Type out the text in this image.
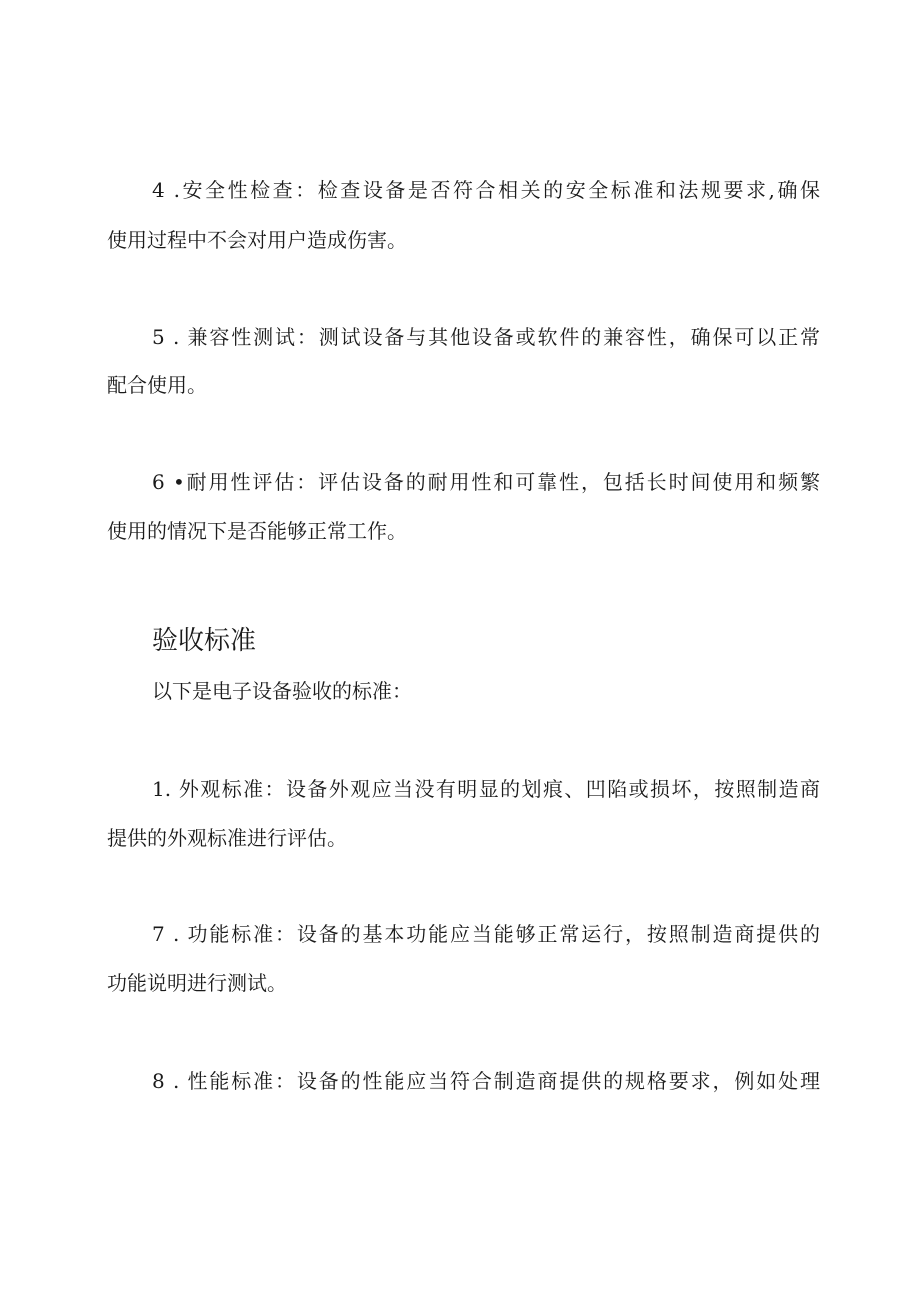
4 .安全性检查：检查设备是否符合相关的安全标准和法规要求,确保
使用过程中不会对用户造成伤害。
5 . 兼容性测试：测试设备与其他设备或软件的兼容性，确保可以正常
配合使用。
6 •耐用性评估：评估设备的耐用性和可靠性，包括长时间使用和频繁
使用的情况下是否能够正常工作。
验收标准
以下是电子设备验收的标准：
1. 外观标准：设备外观应当没有明显的划痕、凹陷或损坏，按照制造商
提供的外观标准进行评估。
7 . 功能标准：设备的基本功能应当能够正常运行，按照制造商提供的
功能说明进行测试。
8 . 性能标准：设备的性能应当符合制造商提供的规格要求，例如处理
